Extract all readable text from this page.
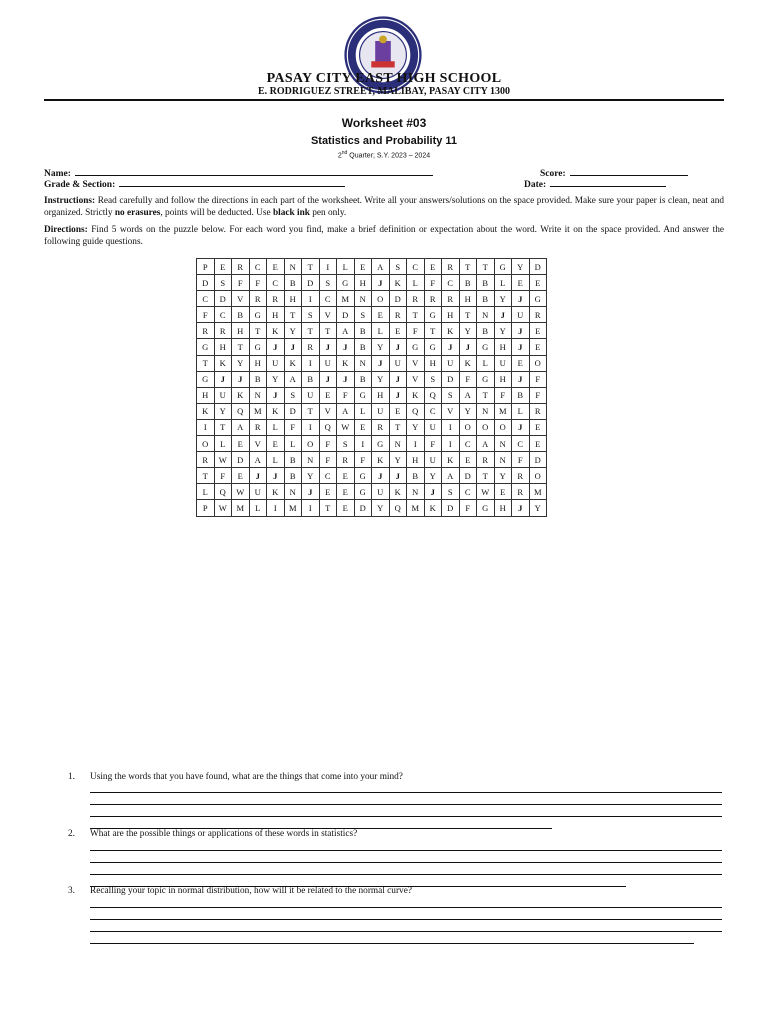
PASAY CITY EAST HIGH SCHOOL
E. RODRIGUEZ STREET, MALIBAY, PASAY CITY 1300
Worksheet #03
Statistics and Probability 11
2nd Quarter; S.Y. 2023 – 2024
Name:	Score:
Grade & Section:	Date:
Instructions: Read carefully and follow the directions in each part of the worksheet. Write all your answers/solutions on the space provided. Make sure your paper is clean, neat and organized. Strictly no erasures, points will be deducted. Use black ink pen only.
Directions: Find 5 words on the puzzle below. For each word you find, make a brief definition or expectation about the word. Write it on the space provided. And answer the following guide questions.
P	E	R	C	E	N	T	I	L	E	A	S	C	E	R	T	T	G	Y	D
D	S	F	F	C	B	D	S	G	H	J	K	L	F	C	B	B	L	E	E
C	D	V	R	R	H	I	C	M	N	O	D	R	R	R	H	B	Y	J	G
F	C	B	G	H	T	S	V	D	S	E	R	T	G	H	T	N	J	U	R
R	R	H	T	K	Y	T	T	A	B	L	E	F	T	K	Y	B	Y	J	E
G	H	T	G	J	J	R	J	J	B	Y	J	G	G	J	J	G	H	J	E
T	K	Y	H	U	K	I	U	K	N	J	U	V	H	U	K	L	U	E	O
G	J	J	B	Y	A	B	J	J	B	Y	J	V	S	D	F	G	H	J	F
H	U	K	N	J	S	U	E	F	G	H	J	K	Q	S	A	T	F	B	F
K	Y	Q	M	K	D	T	V	A	L	U	E	Q	C	V	Y	N	M	L	R
I	T	A	R	L	F	I	Q	W	E	R	T	Y	U	I	O	O	O	J	E
O	L	E	V	E	L	O	F	S	I	G	N	I	F	I	C	A	N	C	E
R	W	D	A	L	B	N	F	R	F	K	Y	H	U	K	E	R	N	F	D
T	F	E	J	J	B	Y	C	E	G	J	J	B	Y	A	D	T	Y	R	O
L	Q	W	U	K	N	J	E	E	G	U	K	N	J	S	C	W	E	R	M
P	W	M	L	I	M	I	T	E	D	Y	Q	M	K	D	F	G	H	J	Y
1. Using the words that you have found, what are the things that come into your mind?
2. What are the possible things or applications of these words in statistics?
3. Recalling your topic in normal distribution, how will it be related to the normal curve?
